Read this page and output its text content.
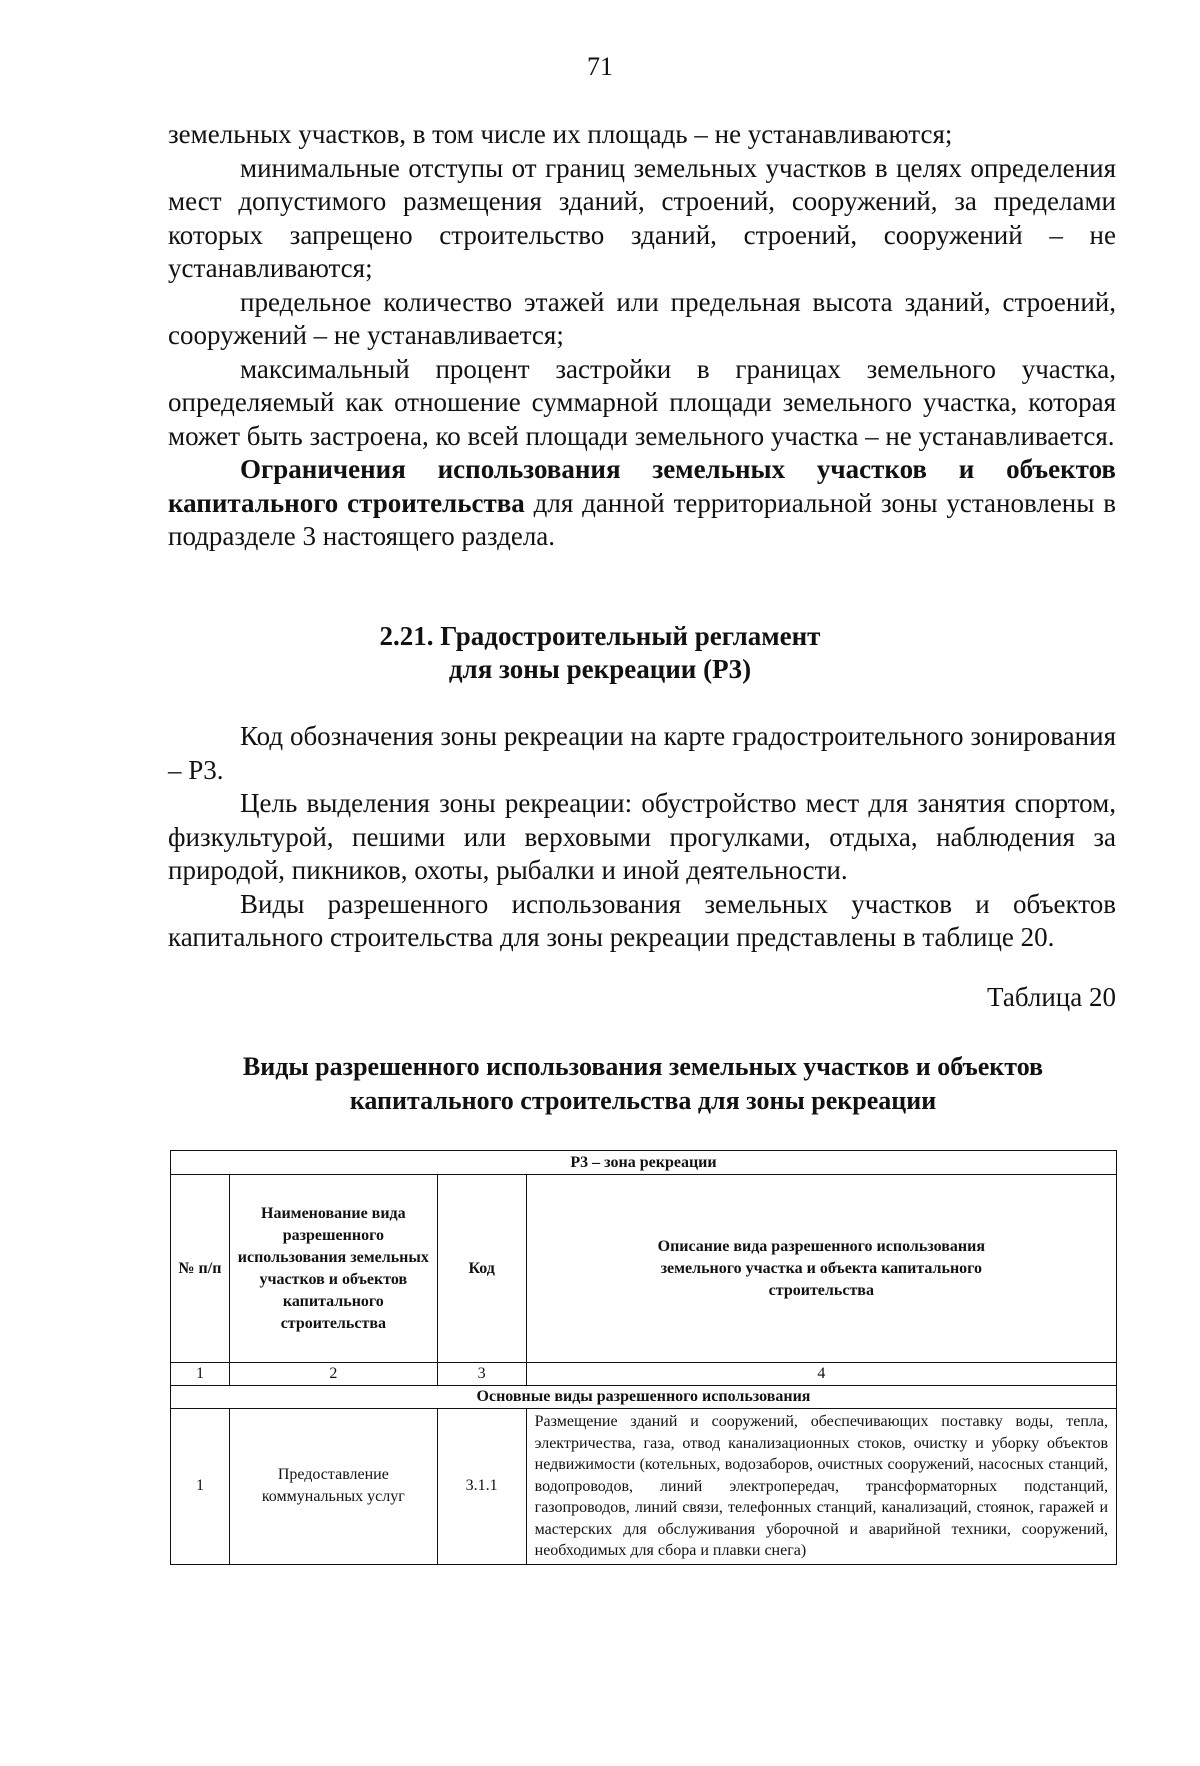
71

земельных участков, в том числе их площадь – не устанавливаются;

минимальные отступы от границ земельных участков в целях определения мест допустимого размещения зданий, строений, сооружений, за пределами которых запрещено строительство зданий, строений, сооружений – не устанавливаются;

предельное количество этажей или предельная высота зданий, строений, сооружений – не устанавливается;

максимальный процент застройки в границах земельного участка, определяемый как отношение суммарной площади земельного участка, которая может быть застроена, ко всей площади земельного участка – не устанавливается.

Ограничения использования земельных участков и объектов капитального строительства для данной территориальной зоны установлены в подразделе 3 настоящего раздела.

2.21. Градостроительный регламент
для зоны рекреации (Р3)

Код обозначения зоны рекреации на карте градостроительного зонирования – Р3.

Цель выделения зоны рекреации: обустройство мест для занятия спортом, физкультурой, пешими или верховыми прогулками, отдыха, наблюдения за природой, пикников, охоты, рыбалки и иной деятельности.

Виды разрешенного использования земельных участков и объектов капитального строительства для зоны рекреации представлены в таблице 20.

Таблица 20
Виды разрешенного использования земельных участков и объектов
капитального строительства для зоны рекреации
Р3 – зона рекреации			
№ п/п	Наименование вида разрешенного использования земельных участков и объектов капитального строительства	Код	Описание вида разрешенного использования земельного участка и объекта капитального строительства
1	2	3	4
Основные виды разрешенного использования			
1	Предоставление коммунальных услуг	3.1.1	Размещение зданий и сооружений, обеспечивающих поставку воды, тепла, электричества, газа, отвод канализационных стоков, очистку и уборку объектов недвижимости (котельных, водозаборов, очистных сооружений, насосных станций, водопроводов, линий электропередач, трансформаторных подстанций, газопроводов, линий связи, телефонных станций, канализаций, стоянок, гаражей и мастерских для обслуживания уборочной и аварийной техники, сооружений, необходимых для сбора и плавки снега)
